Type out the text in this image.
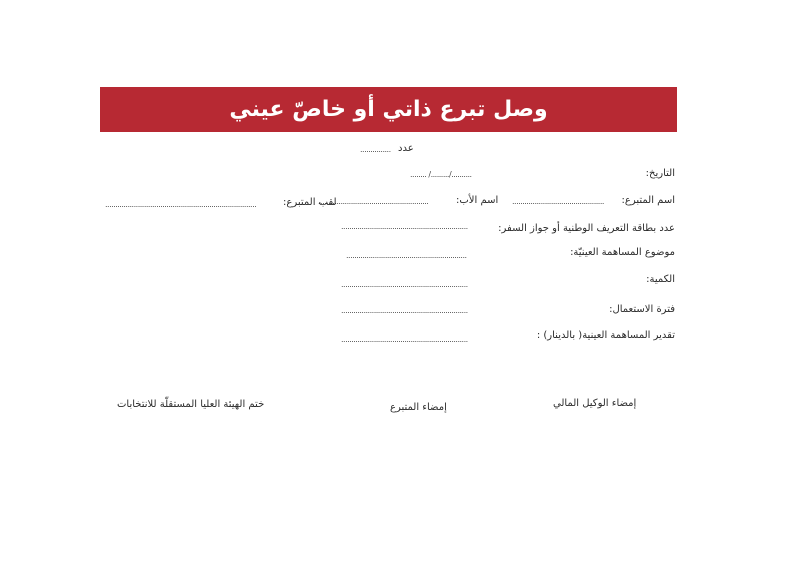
وصل تبرع ذاتي أو خاصّ عيني
عدد
...............
التاريخ:
........ /........./..........
اسم المتبرع:
.............................................
اسم الأب:
......................................................
لقب المتبرع:
..........................................................................
عدد بطاقة التعريف الوطنية أو جواز السفر:
..............................................................
موضوع المساهمة العينيّة:
...........................................................
الكمية:
..............................................................
فترة الاستعمال:
..............................................................
تقدير المساهمة العينية( بالدينار) :
..............................................................
إمضاء الوكيل المالي
إمضاء المتبرع
ختم الهيئة العليا المستقلّة للانتخابات
